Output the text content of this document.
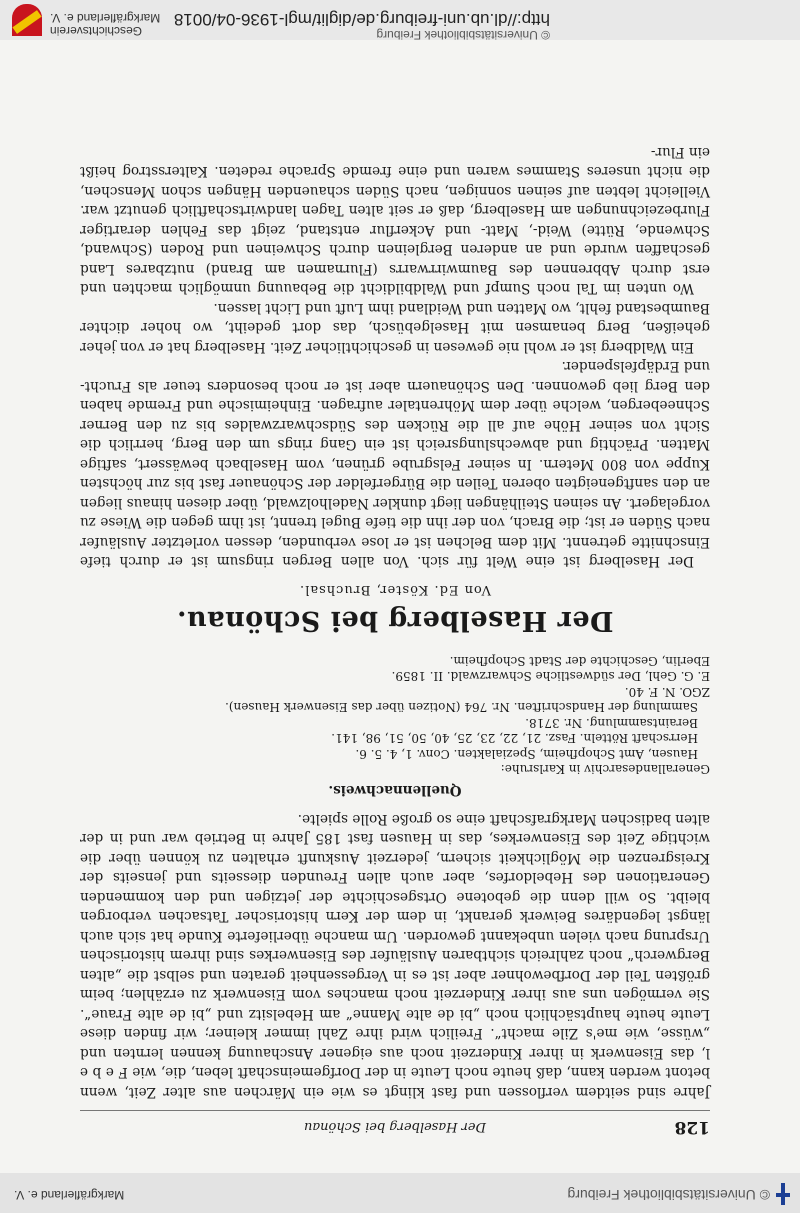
© Universitätsbibliothek Freiburg
Markgräflerland e. V.
128
Der Haselberg bei Schönau

Jahre sind seitdem verflossen und fast klingt es wie ein Märchen aus alter Zeit, wenn betont werden kann, daß heute noch Leute in der Dorfgemeinschaft leben, die, wie F e b e l, das Eisenwerk in ihrer Kinderzeit noch aus eigener Anschauung kennen lernten und „wüsse, wie me's Zile macht“. Freilich wird ihre Zahl immer kleiner; wir finden diese Leute heute hauptsächlich noch „bi de alte Manne“ am Hebelsitz und „bi de alte Fraue“. Sie vermögen uns aus ihrer Kinderzeit noch manches vom Eisenwerk zu erzählen; beim größten Teil der Dorfbewohner aber ist es in Vergessenheit geraten und selbst die „alten Bergwerch“ noch zahlreich sichtbaren Ausläufer des Eisenwerkes sind ihrem historischen Ursprung nach vielen unbekannt geworden. Um manche überlieferte Kunde hat sich auch längst legendäres Beiwerk gerankt, in dem der Kern historischer Tatsachen verborgen bleibt. So will denn die gebotene Ortsgeschichte der jetzigen und den kommenden Generationen des Hebeldorfes, aber auch allen Freunden diesseits und jenseits der Kreisgrenzen die Möglichkeit sichern, jederzeit Auskunft erhalten zu können über die wichtige Zeit des Eisenwerkes, das in Hausen fast 185 Jahre in Betrieb war und in der alten badischen Markgrafschaft eine so große Rolle spielte.

Quellennachweis.

Generallandesarchiv in Karlsruhe:

Hausen, Amt Schopfheim, Spezialakten. Conv. 1, 4. 5. 6.

Herrschaft Rötteln. Fasz. 21, 22, 23, 25, 40, 50, 51, 98, 141.

Beraintsammlung. Nr. 3718.

Sammlung der Handschriften. Nr. 764 (Notizen über das Eisenwerk Hausen).

ZGO. N. F. 40.

E. G. Gehl, Der südwestliche Schwarzwald. II. 1859.

Eberlin, Geschichte der Stadt Schopfheim.

Der Haselberg bei Schönau.
Von Ed. Köster, Bruchsal.

Der Haselberg ist eine Welt für sich. Von allen Bergen ringsum ist er durch tiefe Einschnitte getrennt. Mit dem Belchen ist er lose verbunden, dessen vorletzter Ausläufer nach Süden er ist; die Brach, von der ihn die tiefe Bugel trennt, ist ihm gegen die Wiese zu vorgelagert. An seinen Steilhängen liegt dunkler Nadelholzwald, über diesen hinaus liegen an den sanftgeneigten oberen Teilen die Bürgerfelder der Schönauer fast bis zur höchsten Kuppe von 800 Metern. In seiner Felsgrube grünen, vom Haselbach bewässert, saftige Matten. Prächtig und abwechslungsreich ist ein Gang rings um den Berg, herrlich die Sicht von seiner Höhe auf all die Rücken des Südschwarzwaldes bis zu den Berner Schneebergen, welche über dem Möhrentaler aufragen. Einheimische und Fremde haben den Berg lieb gewonnen. Den Schönauern aber ist er noch besonders teuer als Frucht- und Erdäpfelspender.

Ein Waldberg ist er wohl nie gewesen in geschichtlicher Zeit. Haselberg hat er von jeher geheißen, Berg benamsen mit Haselgebüsch, das dort gedeiht, wo hoher dichter Baumbestand fehlt, wo Matten und Weidland ihm Luft und Licht lassen.

Wo unten im Tal noch Sumpf und Waldbildicht die Bebauung unmöglich machten und erst durch Abbrennen des Baumwirrwarrs (Flurnamen am Brand) nutzbares Land geschaffen wurde und an anderen Bergleinen durch Schweinen und Roden (Schwand, Schwende, Rütte) Weid-, Matt- und Ackerflur entstand, zeigt das Fehlen derartiger Flurbezeichnungen am Haselberg, daß er seit alten Tagen landwirtschaftlich genutzt war. Vielleicht lebten auf seinen sonnigen, nach Süden schauenden Hängen schon Menschen, die nicht unseres Stammes waren und eine fremde Sprache redeten. Kaltersstrog heißt ein Flur-

http://dl.ub.uni-freiburg.de/diglit/mgl-1936-04/0018
© Universitätsbibliothek Freiburg
Geschichtsverein
Markgräflerland e. V.
